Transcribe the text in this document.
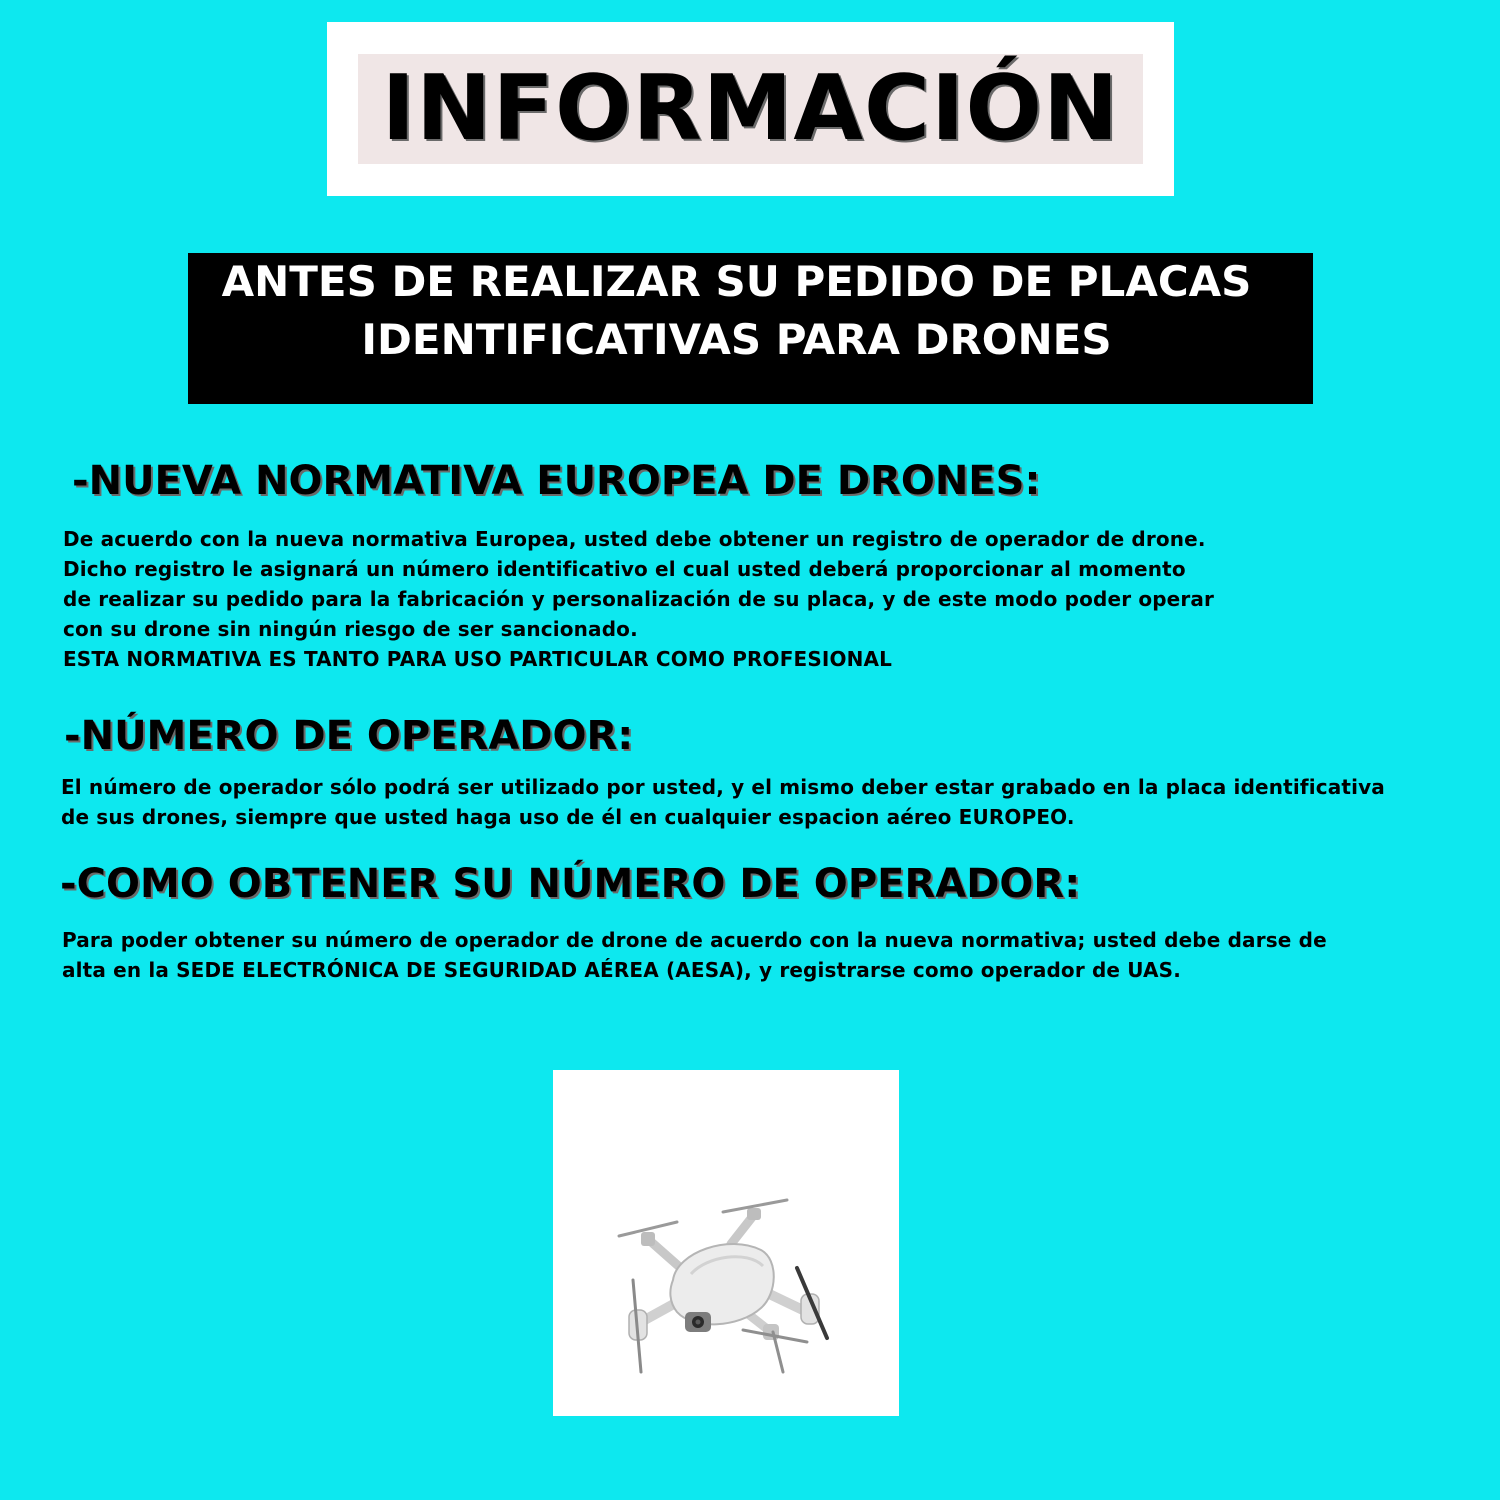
INFORMACIÓN
ANTES DE REALIZAR SU PEDIDO DE PLACAS
IDENTIFICATIVAS PARA DRONES
-NUEVA NORMATIVA EUROPEA DE DRONES:
De acuerdo con la nueva normativa Europea, usted debe obtener un registro de operador de drone.
Dicho registro le asignará un número identificativo el cual usted deberá proporcionar al momento
de realizar su pedido para la fabricación y personalización de su placa, y de este modo poder operar
con su drone sin ningún riesgo de ser sancionado.
ESTA NORMATIVA ES TANTO PARA USO PARTICULAR COMO PROFESIONAL
-NÚMERO DE OPERADOR:
El número de operador sólo podrá ser utilizado por usted, y el mismo deber estar grabado en la placa identificativa
de sus drones, siempre que usted haga uso de él en cualquier espacion aéreo EUROPEO.
-COMO OBTENER SU NÚMERO DE OPERADOR:
Para poder obtener su número de operador de drone de acuerdo con la nueva normativa; usted debe darse de
alta en la SEDE ELECTRÓNICA DE SEGURIDAD AÉREA (AESA), y registrarse como operador de UAS.
